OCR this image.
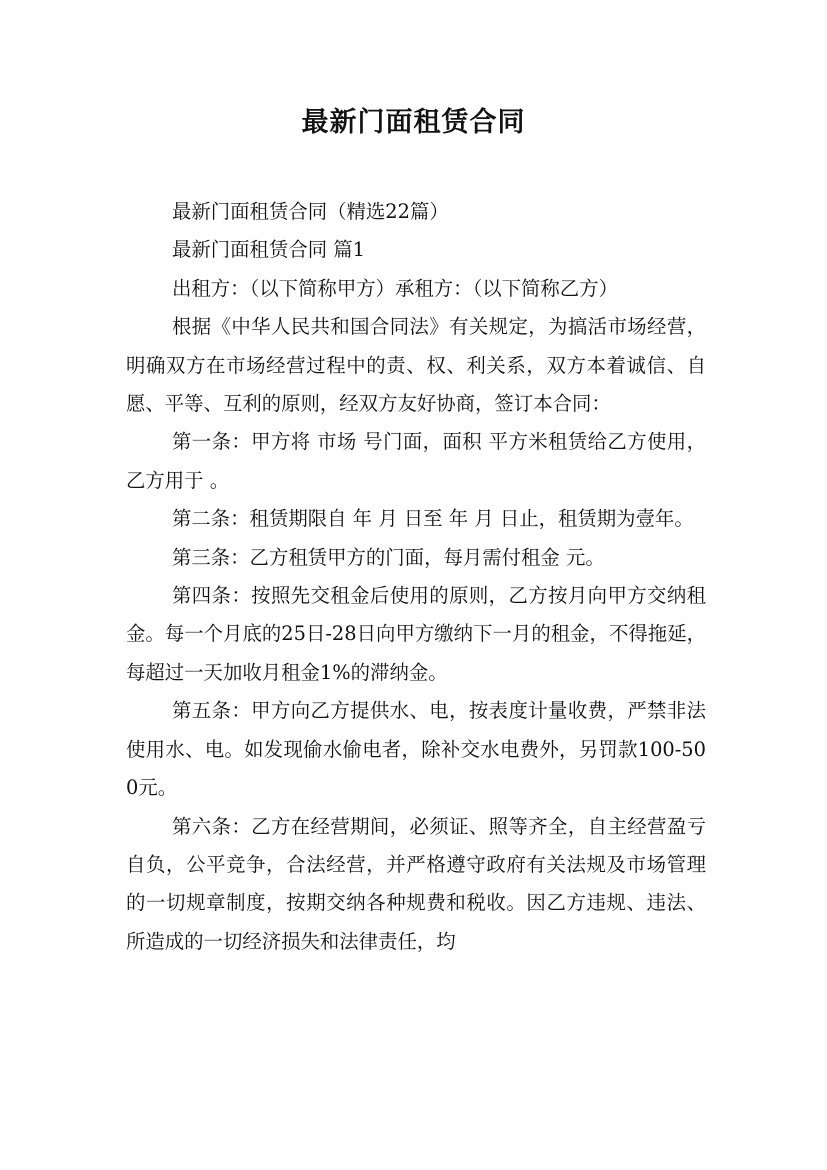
最新门面租赁合同

最新门面租赁合同（精选22篇）

最新门面租赁合同 篇1

出租方：（以下简称甲方）承租方：（以下简称乙方）

根据《中华人民共和国合同法》有关规定，为搞活市场经营，明确双方在市场经营过程中的责、权、利关系，双方本着诚信、自愿、平等、互利的原则，经双方友好协商，签订本合同：

第一条：甲方将 市场 号门面，面积 平方米租赁给乙方使用，乙方用于 。

第二条：租赁期限自 年 月 日至 年 月 日止，租赁期为壹年。

第三条：乙方租赁甲方的门面，每月需付租金 元。

第四条：按照先交租金后使用的原则，乙方按月向甲方交纳租金。每一个月底的25日-28日向甲方缴纳下一月的租金，不得拖延，每超过一天加收月租金1%的滞纳金。

第五条：甲方向乙方提供水、电，按表度计量收费，严禁非法使用水、电。如发现偷水偷电者，除补交水电费外，另罚款100-500元。

第六条：乙方在经营期间，必须证、照等齐全，自主经营盈亏自负，公平竞争，合法经营，并严格遵守政府有关法规及市场管理的一切规章制度，按期交纳各种规费和税收。因乙方违规、违法、所造成的一切经济损失和法律责任，均
